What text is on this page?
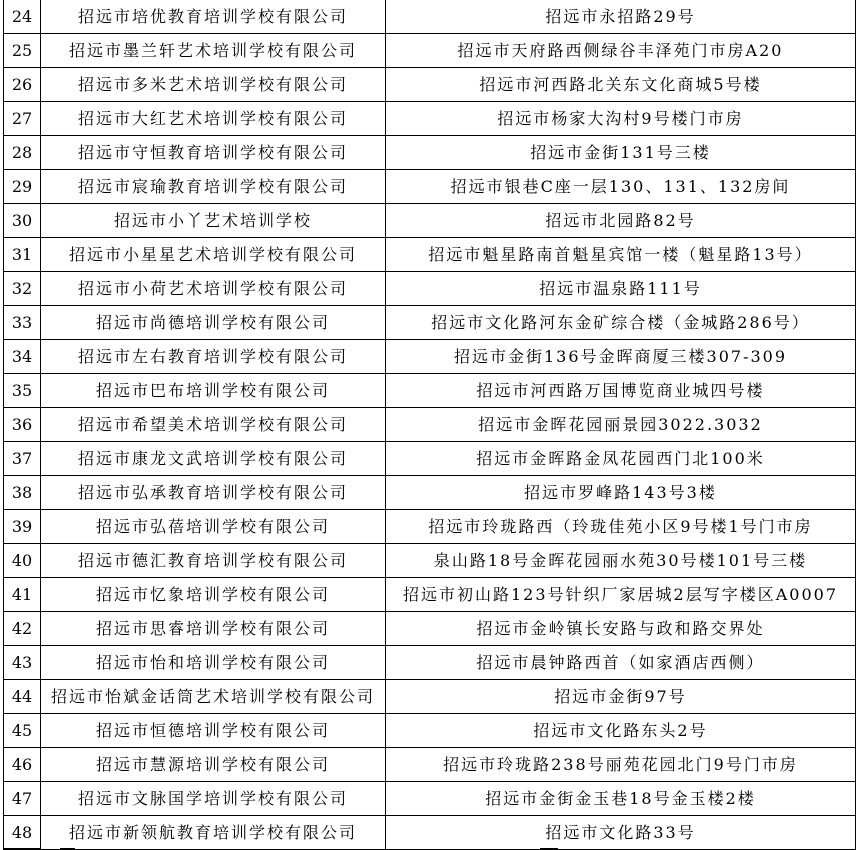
24	招远市培优教育培训学校有限公司	招远市永招路29号
25	招远市墨兰轩艺术培训学校有限公司	招远市天府路西侧绿谷丰泽苑门市房A20
26	招远市多米艺术培训学校有限公司	招远市河西路北关东文化商城5号楼
27	招远市大红艺术培训学校有限公司	招远市杨家大沟村9号楼门市房
28	招远市守恒教育培训学校有限公司	招远市金街131号三楼
29	招远市宸瑜教育培训学校有限公司	招远市银巷C座一层130、131、132房间
30	招远市小丫艺术培训学校	招远市北园路82号
31	招远市小星星艺术培训学校有限公司	招远市魁星路南首魁星宾馆一楼（魁星路13号）
32	招远市小荷艺术培训学校有限公司	招远市温泉路111号
33	招远市尚德培训学校有限公司	招远市文化路河东金矿综合楼（金城路286号）
34	招远市左右教育培训学校有限公司	招远市金街136号金晖商厦三楼307-309
35	招远市巴布培训学校有限公司	招远市河西路万国博览商业城四号楼
36	招远市希望美术培训学校有限公司	招远市金晖花园丽景园3022.3032
37	招远市康龙文武培训学校有限公司	招远市金晖路金凤花园西门北100米
38	招远市弘承教育培训学校有限公司	招远市罗峰路143号3楼
39	招远市弘蓓培训学校有限公司	招远市玲珑路西（玲珑佳苑小区9号楼1号门市房
40	招远市德汇教育培训学校有限公司	泉山路18号金晖花园丽水苑30号楼101号三楼
41	招远市忆象培训学校有限公司	招远市初山路123号针织厂家居城2层写字楼区A0007
42	招远市思睿培训学校有限公司	招远市金岭镇长安路与政和路交界处
43	招远市怡和培训学校有限公司	招远市晨钟路西首（如家酒店西侧）
44	招远市怡斌金话筒艺术培训学校有限公司	招远市金街97号
45	招远市恒德培训学校有限公司	招远市文化路东头2号
46	招远市慧源培训学校有限公司	招远市玲珑路238号丽苑花园北门9号门市房
47	招远市文脉国学培训学校有限公司	招远市金街金玉巷18号金玉楼2楼
48	招远市新领航教育培训学校有限公司	招远市文化路33号
